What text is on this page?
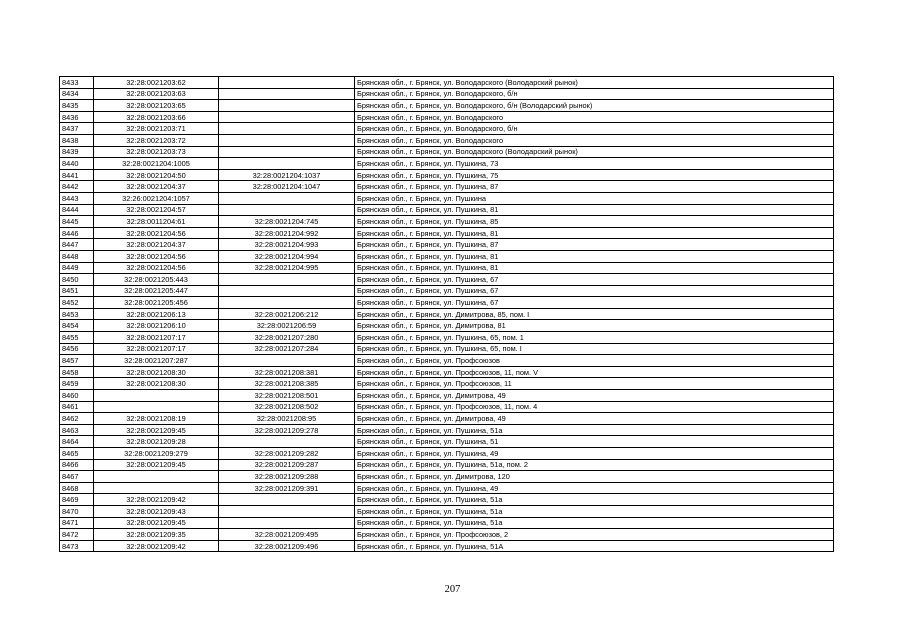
8433	32:28:0021203:62		Брянская обл., г. Брянск, ул. Володарского (Володарский рынок)
8434	32:28:0021203:63		Брянская обл., г. Брянск, ул. Володарского, б/н
8435	32:28:0021203:65		Брянская обл., г. Брянск, ул. Володарского, б/н (Володарский рынок)
8436	32:28:0021203:66		Брянская обл., г. Брянск, ул. Володарского
8437	32:28:0021203:71		Брянская обл., г. Брянск, ул. Володарского, б/н
8438	32:28:0021203:72		Брянская обл., г. Брянск, ул. Володарского
8439	32:28:0021203:73		Брянская обл., г. Брянск, ул. Володарского (Володарский рынок)
8440	32:28:0021204:1005		Брянская обл., г. Брянск, ул. Пушкина, 73
8441	32:28:0021204:50	32:28:0021204:1037	Брянская обл., г. Брянск, ул. Пушкина, 75
8442	32:28:0021204:37	32:28:0021204:1047	Брянская обл., г. Брянск, ул. Пушкина, 87
8443	32:26:0021204:1057		Брянская обл., г. Брянск, ул. Пушкина
8444	32:28:0021204:57		Брянская обл., г. Брянск, ул. Пушкина, 81
8445	32:28:0011204:61	32:28:0021204:745	Брянская обл., г. Брянск, ул. Пушкина, 85
8446	32:28:0021204:56	32:28:0021204:992	Брянская обл., г. Брянск, ул. Пушкина, 81
8447	32:28:0021204:37	32:28:0021204:993	Брянская обл., г. Брянск, ул. Пушкина, 87
8448	32:28:0021204:56	32:28:0021204:994	Брянская обл., г. Брянск, ул. Пушкина, 81
8449	32:28:0021204:56	32:28:0021204:995	Брянская обл., г. Брянск, ул. Пушкина, 81
8450	32:28:0021205:443		Брянская обл., г. Брянск, ул. Пушкина, 67
8451	32:28:0021205:447		Брянская обл., г. Брянск, ул. Пушкина, 67
8452	32:28:0021205:456		Брянская обл., г. Брянск, ул. Пушкина, 67
8453	32:28:0021206:13	32:28:0021206:212	Брянская обл., г. Брянск, ул. Димитрова, 85, пом. I
8454	32:28:0021206:10	32:28:0021206:59	Брянская обл., г. Брянск, ул. Димитрова, 81
8455	32:28:0021207:17	32:28:0021207:280	Брянская обл., г. Брянск, ул. Пушкина, 65, пом. 1
8456	32:28:0021207:17	32:28:0021207:284	Брянская обл., г. Брянск, ул. Пушкина, 65, пом. I
8457	32:28:0021207:287		Брянская обл., г. Брянск, ул. Профсоюзов
8458	32:28:0021208:30	32:28:0021208:381	Брянская обл., г. Брянск, ул. Профсоюзов, 11, пом. V
8459	32:28:0021208:30	32:28:0021208:385	Брянская обл., г. Брянск, ул. Профсоюзов, 11
8460		32:28:0021208:501	Брянская обл., г. Брянск, ул. Димитрова, 49
8461		32:28:0021208:502	Брянская обл., г. Брянск, ул. Профсоюзов, 11, пом. 4
8462	32:28:0021208:19	32:28:0021208:95	Брянская обл., г. Брянск, ул. Димитрова, 49
8463	32:28:0021209:45	32:28:0021209:278	Брянская обл., г. Брянск, ул. Пушкина, 51а
8464	32:28:0021209:28		Брянская обл., г. Брянск, ул. Пушкина, 51
8465	32:28:0021209:279	32:28:0021209:282	Брянская обл., г. Брянск, ул. Пушкина, 49
8466	32:28:0021209:45	32:28:0021209:287	Брянская обл., г. Брянск, ул. Пушкина, 51а, пом. 2
8467		32:28:0021209:288	Брянская обл., г. Брянск, ул. Димитрова, 120
8468		32:28:0021209:391	Брянская обл., г. Брянск, ул. Пушкина, 49
8469	32:28:0021209:42		Брянская обл., г. Брянск, ул. Пушкина, 51а
8470	32:28:0021209:43		Брянская обл., г. Брянск, ул. Пушкина, 51а
8471	32:28:0021209:45		Брянская обл., г. Брянск, ул. Пушкина, 51а
8472	32:28:0021209:35	32:28:0021209:495	Брянская обл., г. Брянск, ул. Профсоюзов, 2
8473	32:28:0021209:42	32:28:0021209:496	Брянская обл., г. Брянск, ул. Пушкина, 51А
207
